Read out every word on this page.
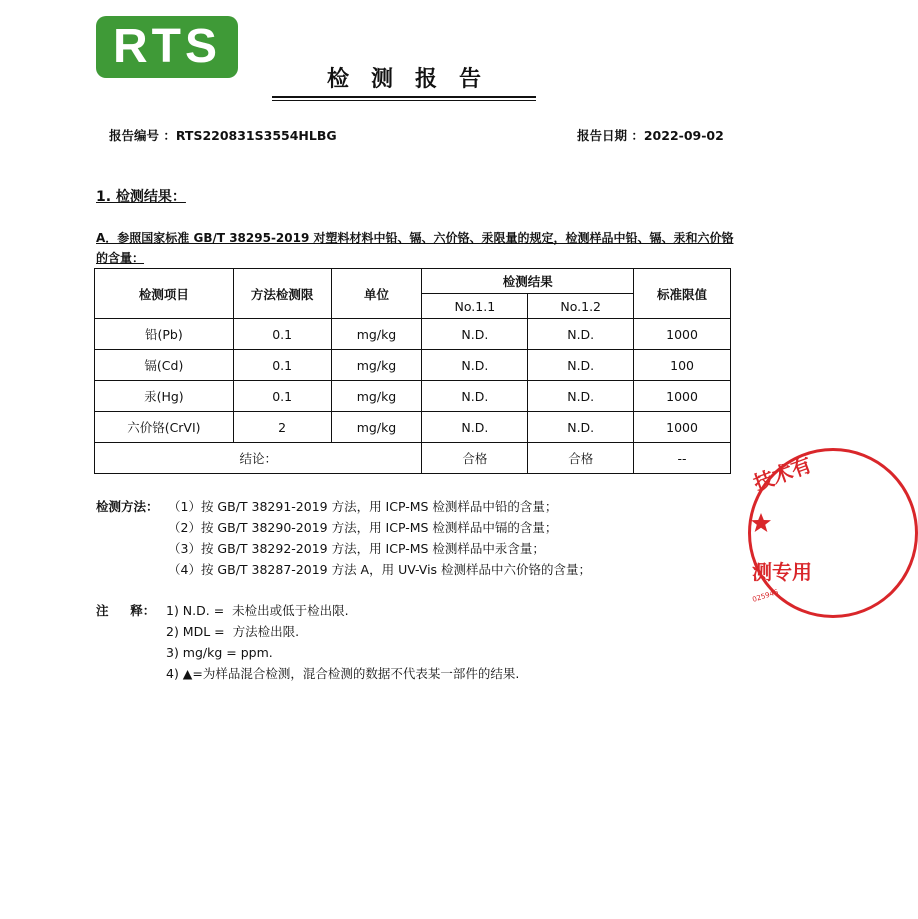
RTS
检测报告
报告编号 ：RTS220831S3554HLBG	报告日期 ：2022-09-02
1. 检测结果：
A．参照国家标准 GB/T 38295-2019 对塑料材料中铅、镉、六价铬、汞限量的规定，检测样品中铅、镉、汞和六价铬的含量：
检测项目	方法检测限	单位	检测结果		标准限值
			No.1.1	No.1.2	
铅(Pb)	0.1	mg/kg	N.D.	N.D.	1000
镉(Cd)	0.1	mg/kg	N.D.	N.D.	100
汞(Hg)	0.1	mg/kg	N.D.	N.D.	1000
六价铬(CrVI)	2	mg/kg	N.D.	N.D.	1000
结论：			合格	合格	--
检测方法： （1）按 GB/T 38291-2019 方法，用 ICP-MS 检测样品中铅的含量；
（2）按 GB/T 38290-2019 方法，用 ICP-MS 检测样品中镉的含量；
（3）按 GB/T 38292-2019 方法，用 ICP-MS 检测样品中汞含量；
（4）按 GB/T 38287-2019 方法 A，用 UV-Vis 检测样品中六价铬的含量；
注     释： 1) N.D. =  未检出或低于检出限.
2) MDL =  方法检出限.
3) mg/kg = ppm.
4) ▲=为样品混合检测，混合检测的数据不代表某一部件的结果.
技术有
测专用
025946
